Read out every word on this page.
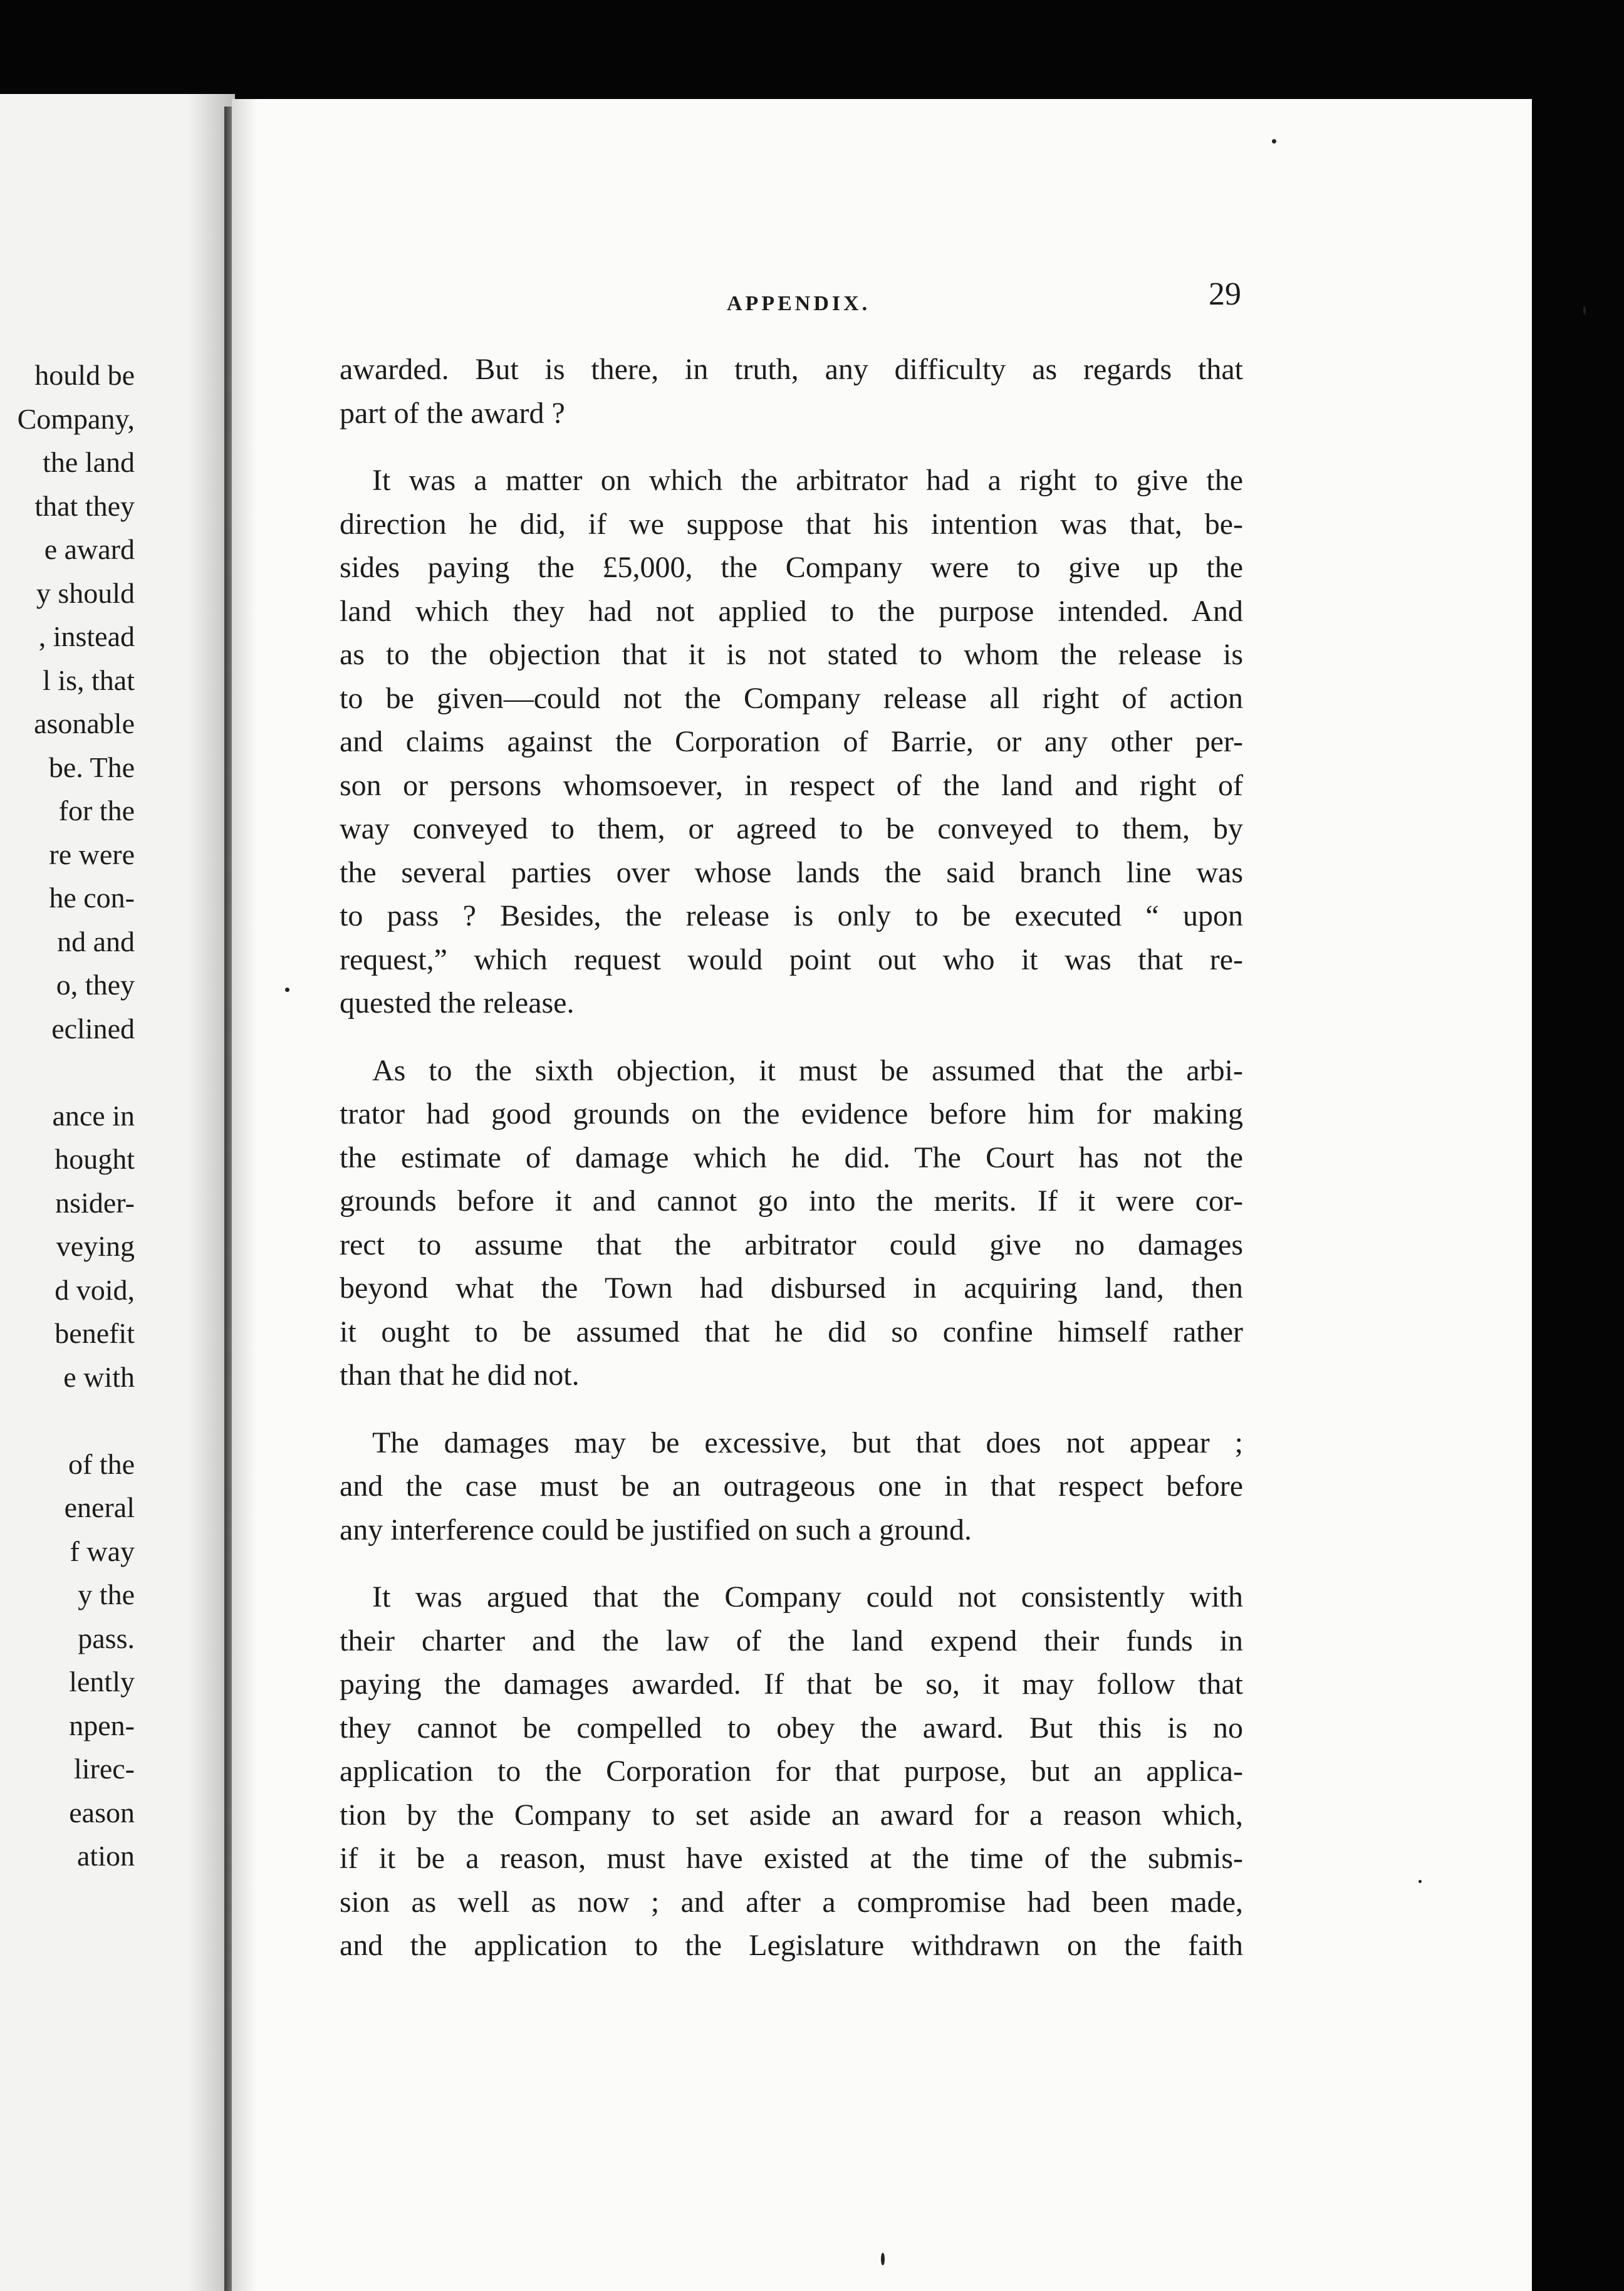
hould be
Company,
the land
that they
e award
y should
, instead
l is, that
asonable
be. The
for the
re were
he con-
nd and
o, they
eclined
ance in
hought
nsider-
veying
d void,
benefit
e with
of the
eneral
f way
y the
pass.
lently
npen-
lirec-
eason
ation
APPENDIX.	29
awarded. But is there, in truth, any difficulty as regards that
part of the award ?
It was a matter on which the arbitrator had a right to give the
direction he did, if we suppose that his intention was that, be-
sides paying the £5,000, the Company were to give up the
land which they had not applied to the purpose intended. And
as to the objection that it is not stated to whom the release is
to be given—could not the Company release all right of action
and claims against the Corporation of Barrie, or any other per-
son or persons whomsoever, in respect of the land and right of
way conveyed to them, or agreed to be conveyed to them, by
the several parties over whose lands the said branch line was
to pass ? Besides, the release is only to be executed “ upon
request,” which request would point out who it was that re-
quested the release.
As to the sixth objection, it must be assumed that the arbi-
trator had good grounds on the evidence before him for making
the estimate of damage which he did. The Court has not the
grounds before it and cannot go into the merits. If it were cor-
rect to assume that the arbitrator could give no damages
beyond what the Town had disbursed in acquiring land, then
it ought to be assumed that he did so confine himself rather
than that he did not.
The damages may be excessive, but that does not appear ;
and the case must be an outrageous one in that respect before
any interference could be justified on such a ground.
It was argued that the Company could not consistently with
their charter and the law of the land expend their funds in
paying the damages awarded. If that be so, it may follow that
they cannot be compelled to obey the award. But this is no
application to the Corporation for that purpose, but an applica-
tion by the Company to set aside an award for a reason which,
if it be a reason, must have existed at the time of the submis-
sion as well as now ; and after a compromise had been made,
and the application to the Legislature withdrawn on the faith
